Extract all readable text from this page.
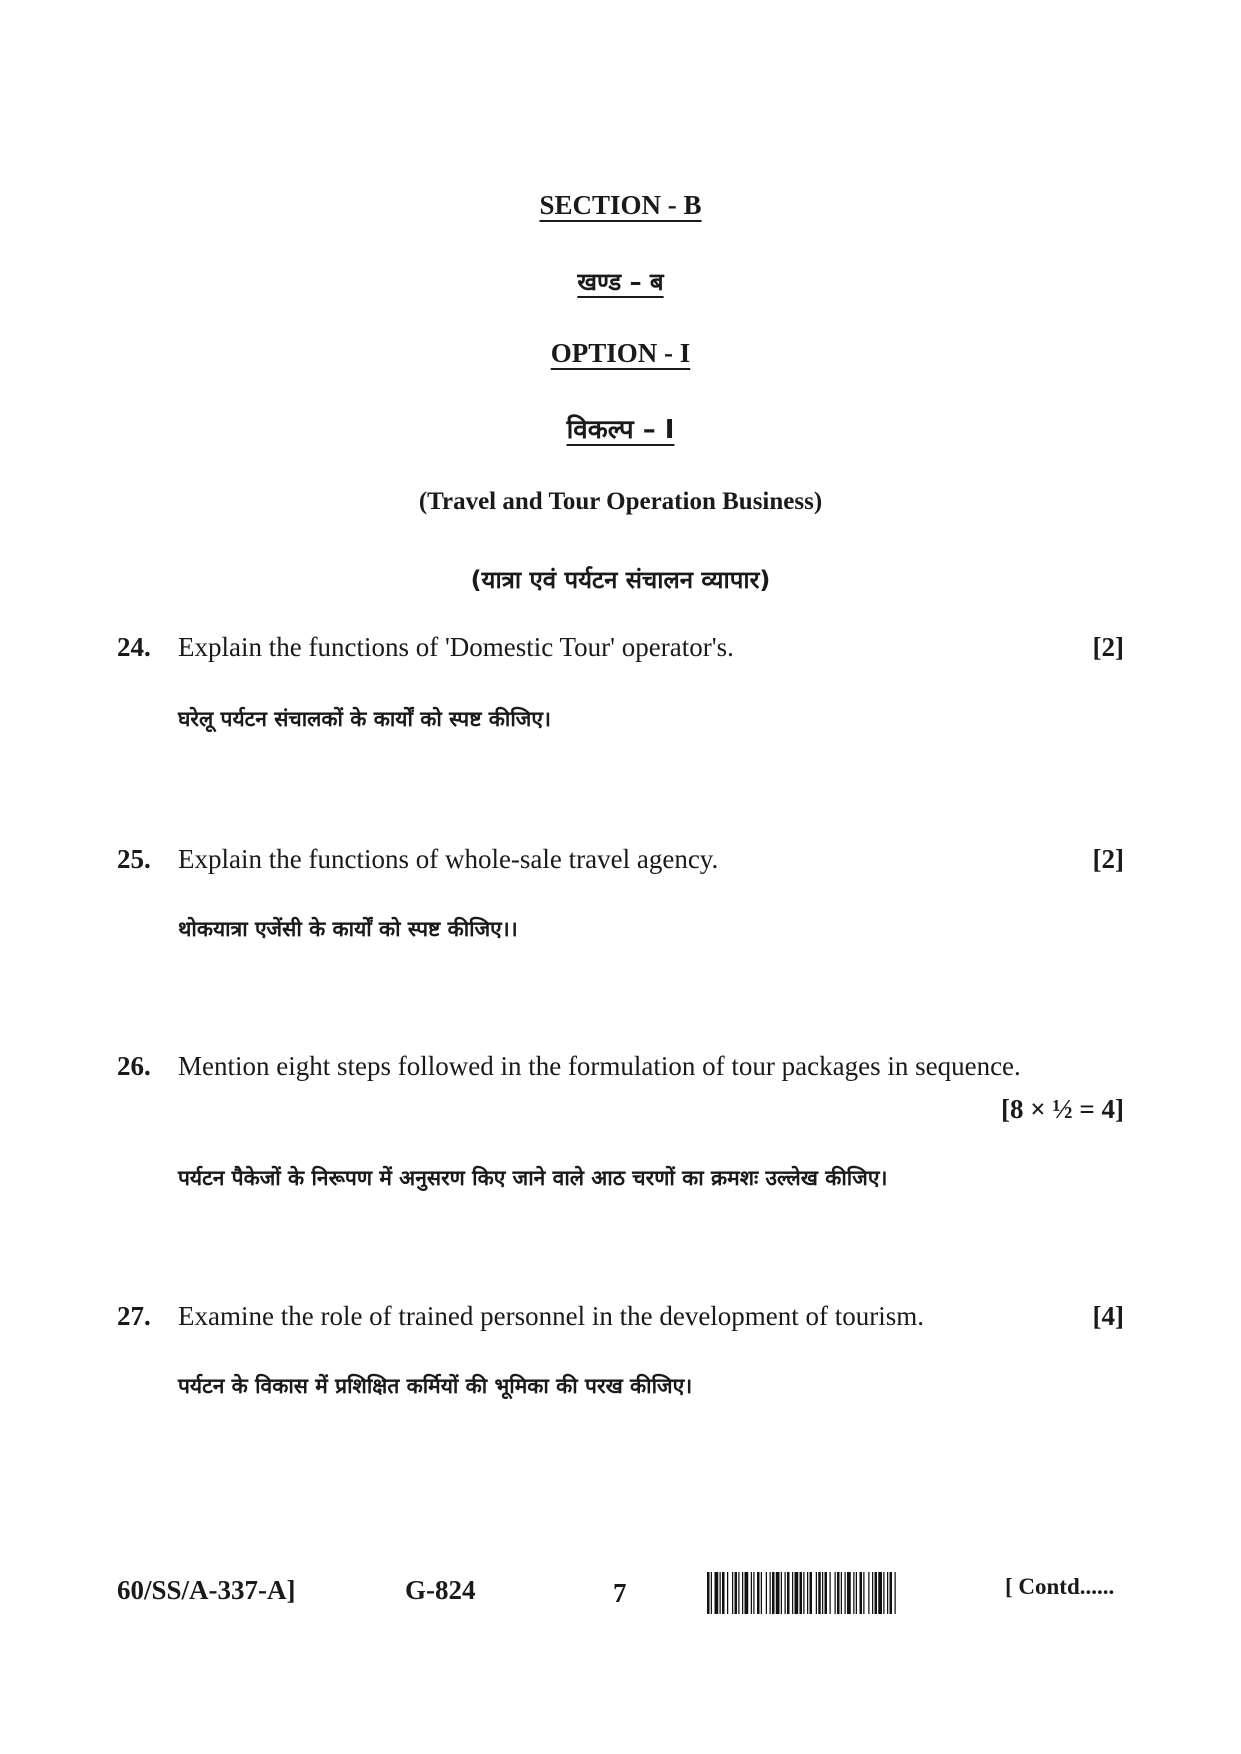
SECTION - B
खण्ड – ब
OPTION - I
विकल्प – I
(Travel and Tour Operation Business)
(यात्रा एवं पर्यटन संचालन व्यापार)
24. Explain the functions of 'Domestic Tour' operator's.	[2]
घरेलू पर्यटन संचालकों के कार्यों को स्पष्ट कीजिए।
25. Explain the functions of whole-sale travel agency.	[2]
थोकयात्रा एजेंसी के कार्यों को स्पष्ट कीजिए।।
26. Mention eight steps followed in the formulation of tour packages in sequence.
[8 × ½ = 4]
पर्यटन पैकेजों के निरूपण में अनुसरण किए जाने वाले आठ चरणों का क्रमशः उल्लेख कीजिए।
27. Examine the role of trained personnel in the development of tourism.	[4]
पर्यटन के विकास में प्रशिक्षित कर्मियों की भूमिका की परख कीजिए।
60/SS/A-337-A]	G-824	7	[ Contd......
